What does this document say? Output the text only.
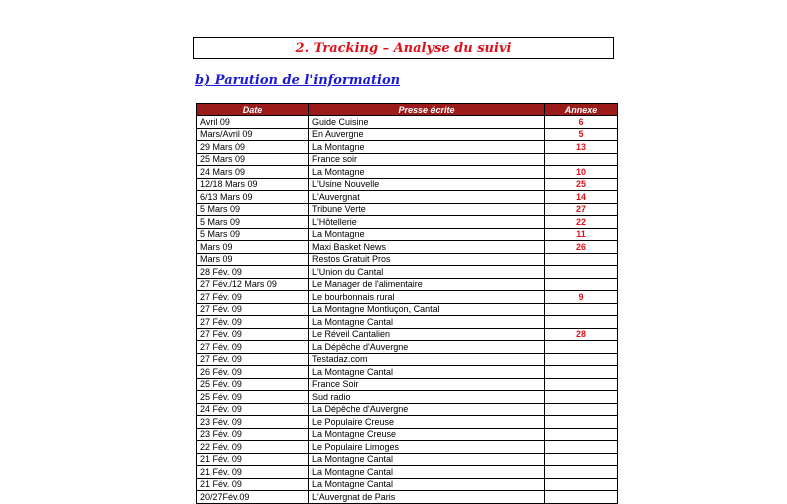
2. Tracking – Analyse du suivi
b) Parution de l'information
Date	Presse écrite	Annexe
Avril 09	Guide Cuisine	6
Mars/Avril 09	En Auvergne	5
29 Mars 09	La Montagne	13
25 Mars 09	France soir	
24 Mars 09	La Montagne	10
12/18 Mars 09	L'Usine Nouvelle	25
6/13 Mars 09	L'Auvergnat	14
5 Mars 09	Tribune Verte	27
5 Mars 09	L'Hôtellerie	22
5 Mars 09	La Montagne	11
Mars 09	Maxi Basket News	26
Mars 09	Restos Gratuit Pros	
28 Fév. 09	L'Union du Cantal	
27 Fév./12 Mars 09	Le Manager de l'alimentaire	
27 Fév. 09	Le bourbonnais rural	9
27 Fév. 09	La Montagne Montluçon, Cantal	
27 Fév. 09	La Montagne Cantal	
27 Fév. 09	Le Réveil Cantalien	28
27 Fév. 09	La Dépêche d'Auvergne	
27 Fév. 09	Testadaz.com	
26 Fév. 09	La Montagne Cantal	
25 Fév. 09	France Soir	
25 Fév. 09	Sud radio	
24 Fév. 09	La Dépêche d'Auvergne	
23 Fév. 09	Le Populaire Creuse	
23 Fév. 09	La Montagne Creuse	
22 Fév. 09	Le Populaire Limoges	
21 Fév. 09	La Montagne Cantal	
21 Fév. 09	La Montagne Cantal	
21 Fév. 09	La Montagne Cantal	
20/27Fév.09	L'Auvergnat de Paris	
